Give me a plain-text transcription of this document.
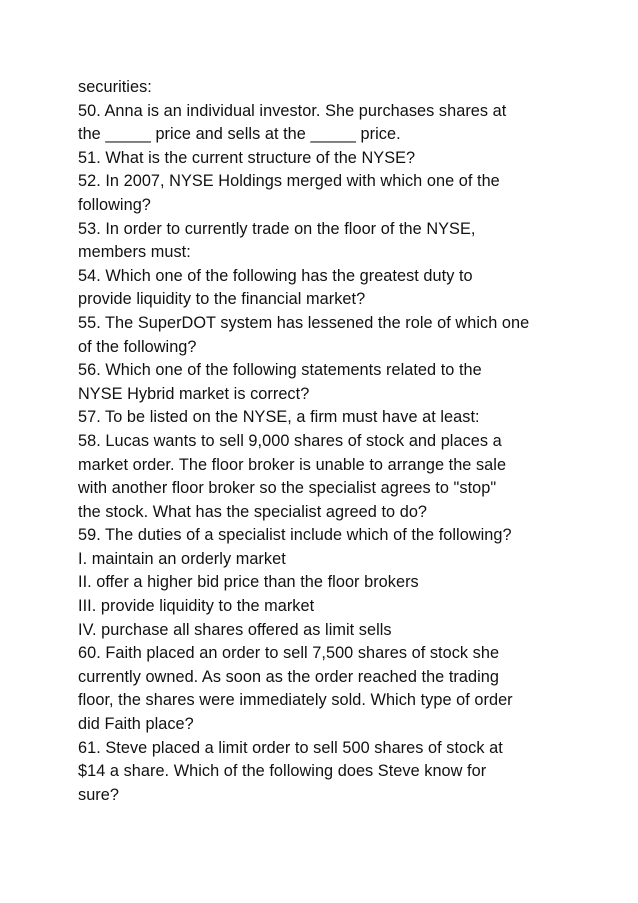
securities:
50. Anna is an individual investor. She purchases shares at
the _____ price and sells at the _____ price.
51. What is the current structure of the NYSE?
52. In 2007, NYSE Holdings merged with which one of the
following?
53. In order to currently trade on the floor of the NYSE,
members must:
54. Which one of the following has the greatest duty to
provide liquidity to the financial market?
55. The SuperDOT system has lessened the role of which one
of the following?
56. Which one of the following statements related to the
NYSE Hybrid market is correct?
57. To be listed on the NYSE, a firm must have at least:
58. Lucas wants to sell 9,000 shares of stock and places a
market order. The floor broker is unable to arrange the sale
with another floor broker so the specialist agrees to "stop"
the stock. What has the specialist agreed to do?
59. The duties of a specialist include which of the following?
I. maintain an orderly market
II. offer a higher bid price than the floor brokers
III. provide liquidity to the market
IV. purchase all shares offered as limit sells
60. Faith placed an order to sell 7,500 shares of stock she
currently owned. As soon as the order reached the trading
floor, the shares were immediately sold. Which type of order
did Faith place?
61. Steve placed a limit order to sell 500 shares of stock at
$14 a share. Which of the following does Steve know for
sure?
